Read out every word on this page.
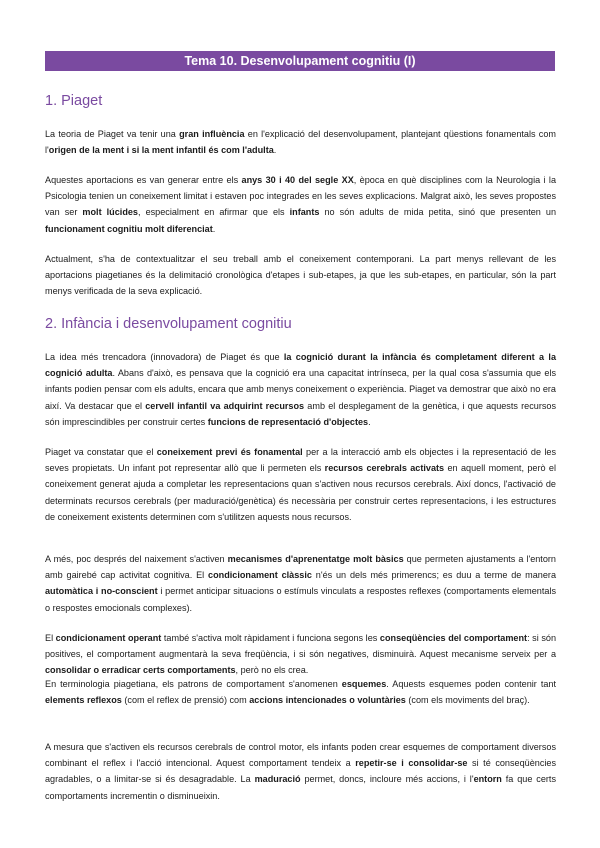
Tema 10. Desenvolupament cognitiu (I)
1. Piaget

La teoria de Piaget va tenir una gran influència en l'explicació del desenvolupament, plantejant qüestions fonamentals com l'origen de la ment i si la ment infantil és com l'adulta.

Aquestes aportacions es van generar entre els anys 30 i 40 del segle XX, època en què disciplines com la Neurologia i la Psicologia tenien un coneixement limitat i estaven poc integrades en les seves explicacions. Malgrat això, les seves propostes van ser molt lúcides, especialment en afirmar que els infants no són adults de mida petita, sinó que presenten un funcionament cognitiu molt diferenciat.

Actualment, s'ha de contextualitzar el seu treball amb el coneixement contemporani. La part menys rellevant de les aportacions piagetianes és la delimitació cronològica d'etapes i sub-etapes, ja que les sub-etapes, en particular, són la part menys verificada de la seva explicació.

2. Infància i desenvolupament cognitiu

La idea més trencadora (innovadora) de Piaget és que la cognició durant la infància és completament diferent a la cognició adulta. Abans d'això, es pensava que la cognició era una capacitat intrínseca, per la qual cosa s'assumia que els infants podien pensar com els adults, encara que amb menys coneixement o experiència. Piaget va demostrar que això no era així. Va destacar que el cervell infantil va adquirint recursos amb el desplegament de la genètica, i que aquests recursos són imprescindibles per construir certes funcions de representació d'objectes.

Piaget va constatar que el coneixement previ és fonamental per a la interacció amb els objectes i la representació de les seves propietats. Un infant pot representar allò que li permeten els recursos cerebrals activats en aquell moment, però el coneixement generat ajuda a completar les representacions quan s'activen nous recursos cerebrals. Així doncs, l'activació de determinats recursos cerebrals (per maduració/genètica) és necessària per construir certes representacions, i les estructures de coneixement existents determinen com s'utilitzen aquests nous recursos.

A més, poc després del naixement s'activen mecanismes d'aprenentatge molt bàsics que permeten ajustaments a l'entorn amb gairebé cap activitat cognitiva. El condicionament clàssic n'és un dels més primerencs; es duu a terme de manera automàtica i no-conscient i permet anticipar situacions o estímuls vinculats a respostes reflexes (comportaments elementals o respostes emocionals complexes).

El condicionament operant també s'activa molt ràpidament i funciona segons les conseqüències del comportament: si són positives, el comportament augmentarà la seva freqüència, i si són negatives, disminuirà. Aquest mecanisme serveix per a consolidar o erradicar certs comportaments, però no els crea.

En terminologia piagetiana, els patrons de comportament s'anomenen esquemes. Aquests esquemes poden contenir tant elements reflexos (com el reflex de prensió) com accions intencionades o voluntàries (com els moviments del braç).

A mesura que s'activen els recursos cerebrals de control motor, els infants poden crear esquemes de comportament diversos combinant el reflex i l'acció intencional. Aquest comportament tendeix a repetir-se i consolidar-se si té conseqüències agradables, o a limitar-se si és desagradable. La maduració permet, doncs, incloure més accions, i l'entorn fa que certs comportaments incrementin o disminueixin.
